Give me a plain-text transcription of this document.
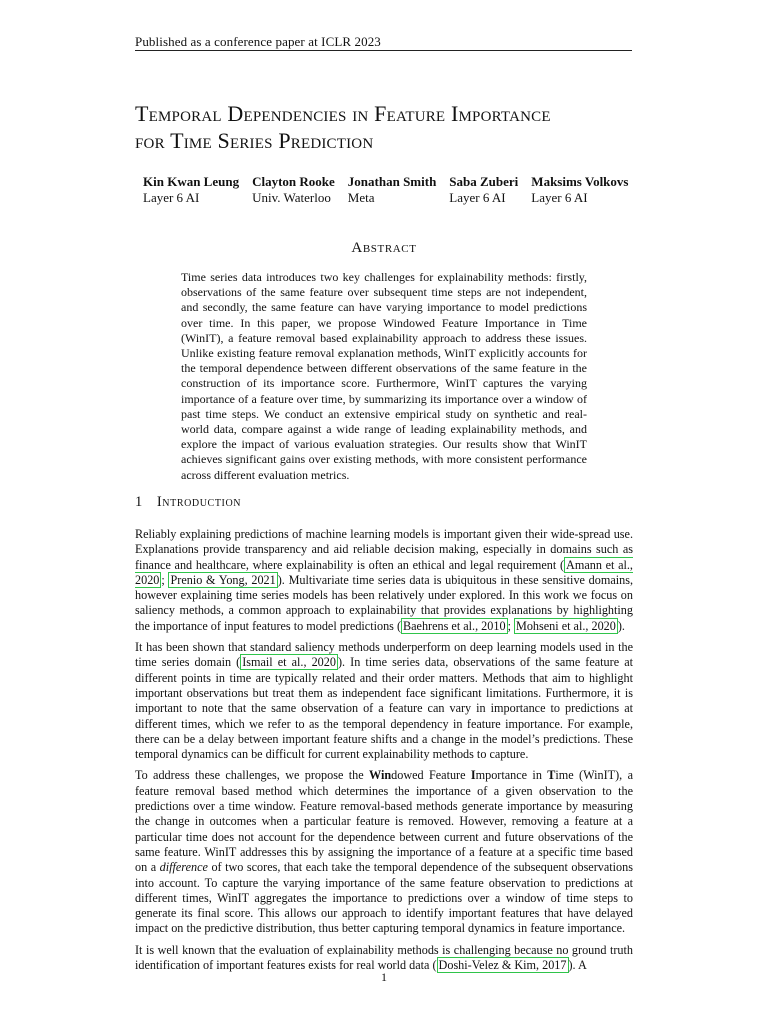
Published as a conference paper at ICLR 2023
Temporal Dependencies in Feature Importance
for Time Series Prediction
Kin Kwan Leung
Layer 6 AI
Clayton Rooke
Univ. Waterloo
Jonathan Smith
Meta
Saba Zuberi
Layer 6 AI
Maksims Volkovs
Layer 6 AI
Abstract
Time series data introduces two key challenges for explainability methods: firstly, observations of the same feature over subsequent time steps are not independent, and secondly, the same feature can have varying importance to model predictions over time. In this paper, we propose Windowed Feature Importance in Time (WinIT), a feature removal based explainability approach to address these issues. Unlike existing feature removal explanation methods, WinIT explicitly accounts for the temporal dependence between different observations of the same feature in the construction of its importance score. Furthermore, WinIT captures the varying importance of a feature over time, by summarizing its importance over a window of past time steps. We conduct an extensive empirical study on synthetic and real-world data, compare against a wide range of leading explainability methods, and explore the impact of various evaluation strategies. Our results show that WinIT achieves significant gains over existing methods, with more consistent performance across different evaluation metrics.
1 Introduction

Reliably explaining predictions of machine learning models is important given their wide-spread use. Explanations provide transparency and aid reliable decision making, especially in domains such as finance and healthcare, where explainability is often an ethical and legal requirement ( Amann et al., 2020 ; Prenio & Yong, 2021 ). Multivariate time series data is ubiquitous in these sensitive domains, however explaining time series models has been relatively under explored. In this work we focus on saliency methods, a common approach to explainability that provides explanations by highlighting the importance of input features to model predictions ( Baehrens et al., 2010 ; Mohseni et al., 2020 ).

It has been shown that standard saliency methods underperform on deep learning models used in the time series domain ( Ismail et al., 2020 ). In time series data, observations of the same feature at different points in time are typically related and their order matters. Methods that aim to highlight important observations but treat them as independent face significant limitations. Furthermore, it is important to note that the same observation of a feature can vary in importance to predictions at different times, which we refer to as the temporal dependency in feature importance. For example, there can be a delay between important feature shifts and a change in the model’s predictions. These temporal dynamics can be difficult for current explainability methods to capture.

To address these challenges, we propose the Windowed Feature Importance in Time (WinIT), a feature removal based method which determines the importance of a given observation to the predictions over a time window. Feature removal-based methods generate importance by measuring the change in outcomes when a particular feature is removed. However, removing a feature at a particular time does not account for the dependence between current and future observations of the same feature. WinIT addresses this by assigning the importance of a feature at a specific time based on a difference of two scores, that each take the temporal dependence of the subsequent observations into account. To capture the varying importance of the same feature observation to predictions at different times, WinIT aggregates the importance to predictions over a window of time steps to generate its final score. This allows our approach to identify important features that have delayed impact on the predictive distribution, thus better capturing temporal dynamics in feature importance.

It is well known that the evaluation of explainability methods is challenging because no ground truth identification of important features exists for real world data ( Doshi-Velez & Kim, 2017 ). A

1
